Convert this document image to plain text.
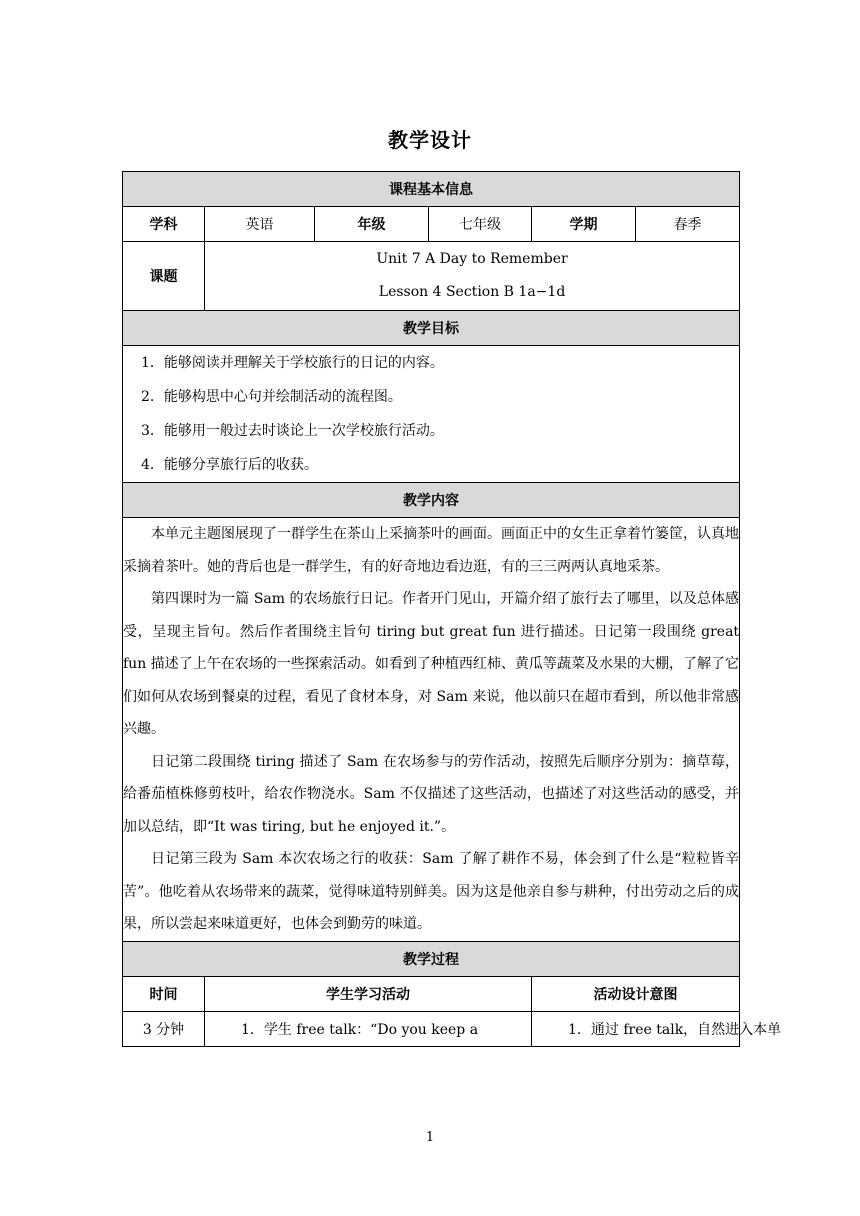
教学设计
课程基本信息					
学科	英语	年级	七年级	学期	春季
课题	Unit 7 A Day to Remember
Lesson 4 Section B 1a−1d				

教学目标					

1．能够阅读并理解关于学校旅行的日记的内容。
2．能够构思中心句并绘制活动的流程图。
3．能够用一般过去时谈论上一次学校旅行活动。
4．能够分享旅行后的收获。					

教学内容					

本单元主题图展现了一群学生在茶山上采摘茶叶的画面。画面正中的女生正拿着竹篓筐，认真地采摘着茶叶。她的背后也是一群学生，有的好奇地边看边逛，有的三三两两认真地采茶。

第四课时为一篇 Sam 的农场旅行日记。作者开门见山，开篇介绍了旅行去了哪里，以及总体感受，呈现主旨句。然后作者围绕主旨句 tiring but great fun 进行描述。日记第一段围绕 great fun 描述了上午在农场的一些探索活动。如看到了种植西红柿、黄瓜等蔬菜及水果的大棚，了解了它们如何从农场到餐桌的过程，看见了食材本身，对 Sam 来说，他以前只在超市看到，所以他非常感兴趣。

日记第二段围绕 tiring 描述了 Sam 在农场参与的劳作活动，按照先后顺序分别为：摘草莓，给番茄植株修剪枝叶，给农作物浇水。Sam 不仅描述了这些活动，也描述了对这些活动的感受，并加以总结，即“It was tiring, but he enjoyed it.”。

日记第三段为 Sam 本次农场之行的收获：Sam 了解了耕作不易，体会到了什么是“粒粒皆辛苦”。他吃着从农场带来的蔬菜，觉得味道特别鲜美。因为这是他亲自参与耕种，付出劳动之后的成果，所以尝起来味道更好，也体会到勤劳的味道。					

教学过程					
时间	学生学习活动			活动设计意图	
3 分钟	1．学生 free talk：“Do you keep a			1．通过 free talk，自然进入本单	
1
